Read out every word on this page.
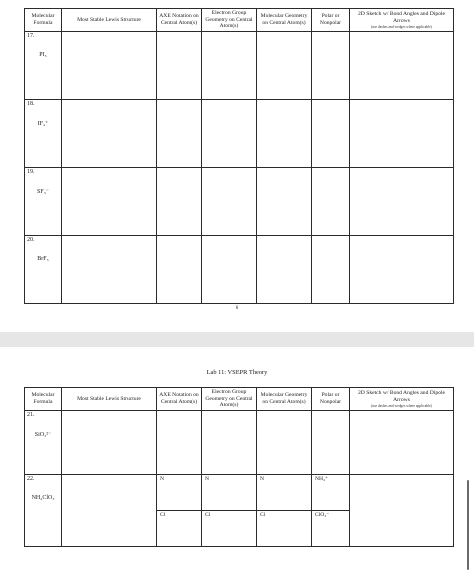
Molecular Formula	Most Stable Lewis Structure	AXE Notation on Central Atom(s)	Electron Group Geometry on Central Atom(s)	Molecular Geometry on Central Atom(s)	Polar or Nonpolar	2D Sketch w/ Bond Angles and Dipole Arrows
(use dashes and wedges where applicable)

17.
PI₅						

18.
IF₄⁺						

19.
SF₃⁻						

20.
BrF₅						

6
Lab 11: VSEPR Theory
Molecular Formula	Most Stable Lewis Structure	AXE Notation on Central Atom(s)	Electron Group Geometry on Central Atom(s)	Molecular Geometry on Central Atom(s)	Polar or Nonpolar	2D Sketch w/ Bond Angles and Dipole Arrows
(use dashes and wedges where applicable)

21.
SiO₃²⁻						

22.
NH₄ClO₃		N	N	N	NH₄⁺	

		Cl	Cl	Cl	ClO₃⁻	
